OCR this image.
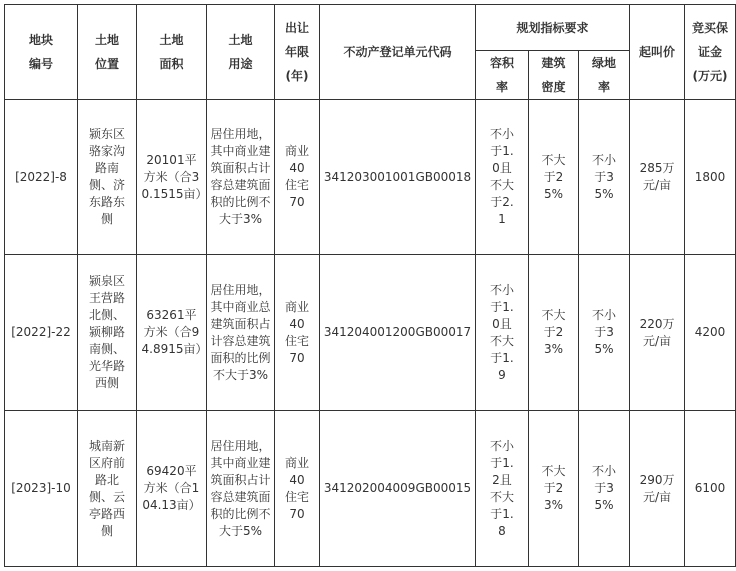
地块编号	土地位置	土地面积	土地用途	出让年限(年)	不动产登记单元代码	规划指标要求			起叫价	竞买保证金(万元)

						容积率	建筑密度	绿地率		

[2022]-8	颍东区骆家沟路南侧、济东路东侧	20101平方米（合30.1515亩）	居住用地，其中商业建筑面积占计容总建筑面积的比例不大于3%	商业40住宅70	341203001001GB00018	不小于1.0且不大于2.1	不大于25%	不小于35%	285万元/亩	1800
[2022]-22	颍泉区王营路北侧、颍柳路南侧、光华路西侧	63261平方米（合94.8915亩）	居住用地，其中商业总建筑面积占计容总建筑面积的比例不大于3%	商业40住宅70	341204001200GB00017	不小于1.0且不大于1.9	不大于23%	不小于35%	220万元/亩	4200
[2023]-10	城南新区府前路北侧、云亭路西侧	69420平方米（合104.13亩）	居住用地，其中商业建筑面积占计容总建筑面积的比例不大于5%	商业40住宅70	341202004009GB00015	不小于1.2且不大于1.8	不大于23%	不小于35%	290万元/亩	6100
